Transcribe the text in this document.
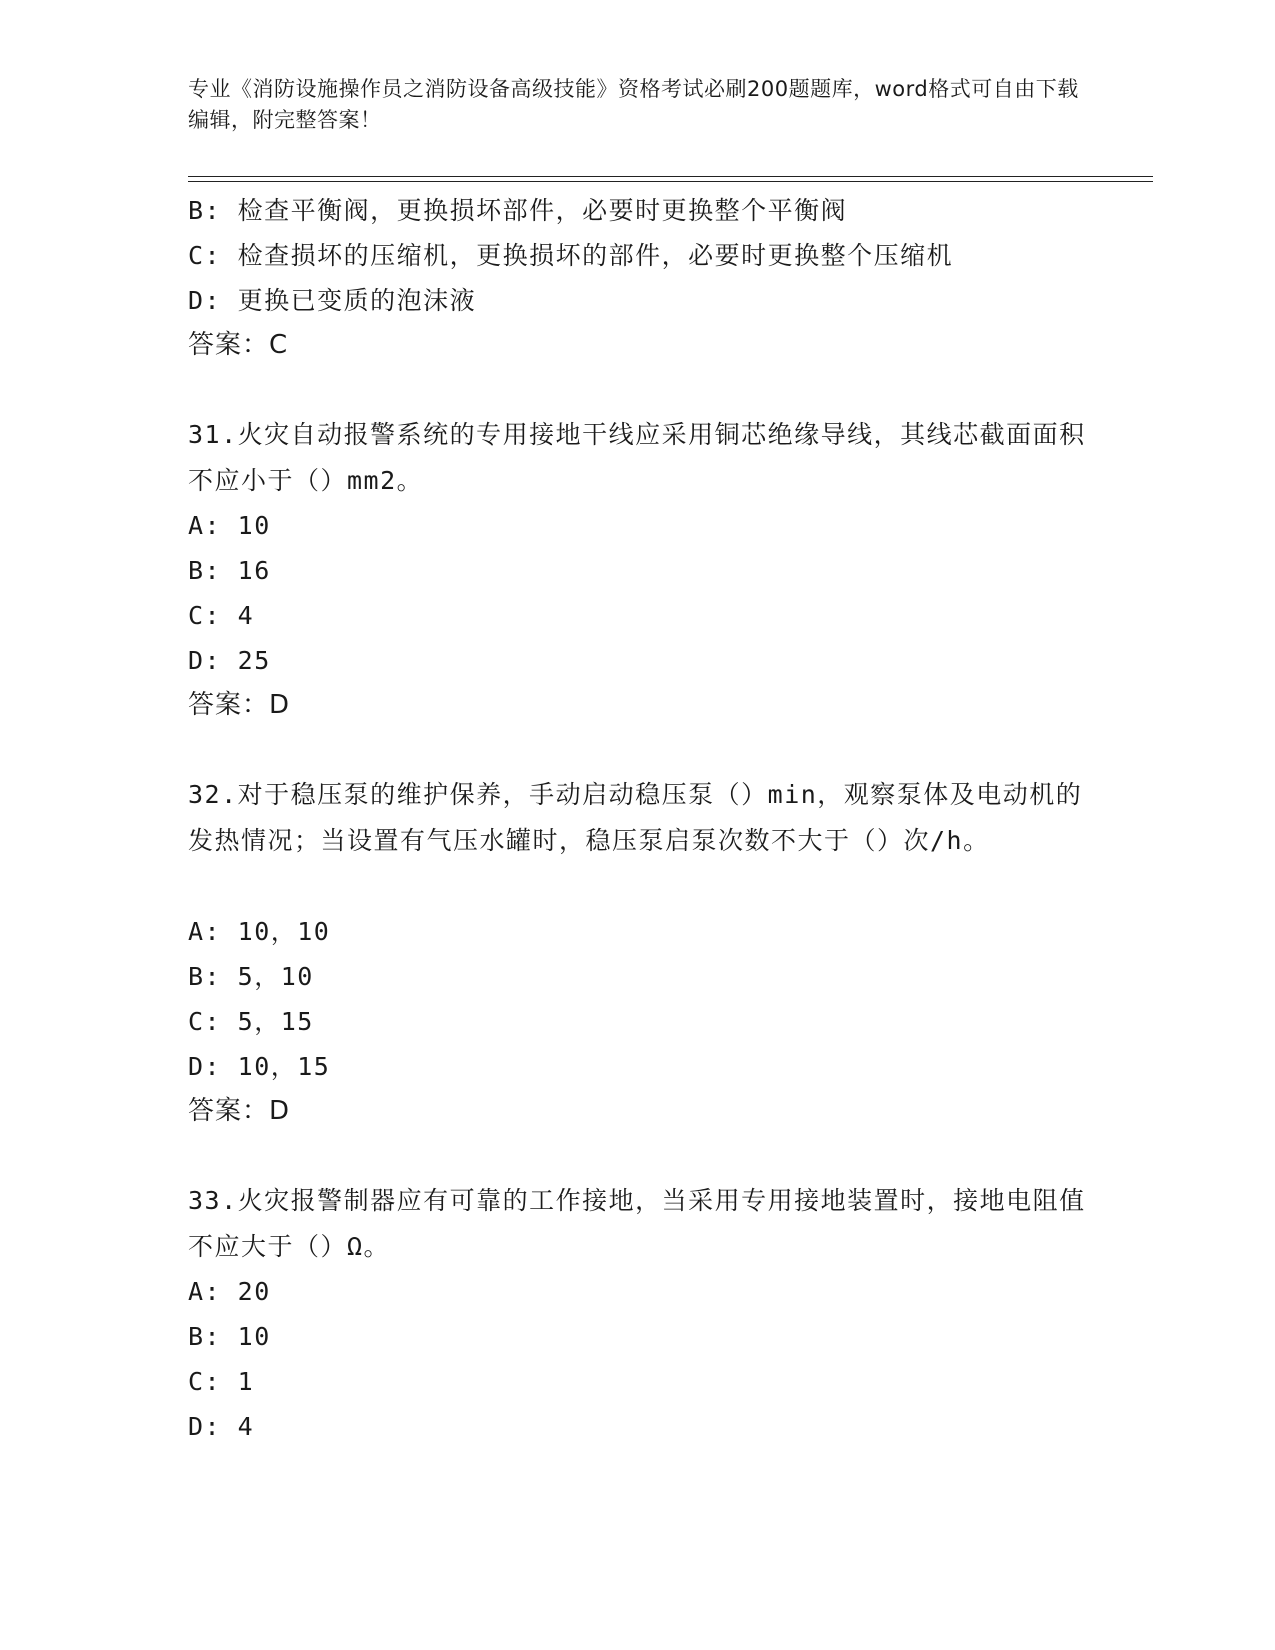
专业《消防设施操作员之消防设备高级技能》资格考试必刷200题题库，word格式可自由下载编辑，附完整答案！
B: 检查平衡阀，更换损坏部件，必要时更换整个平衡阀
C: 检查损坏的压缩机，更换损坏的部件，必要时更换整个压缩机
D: 更换已变质的泡沫液
答案：C
31.火灾自动报警系统的专用接地干线应采用铜芯绝缘导线，其线芯截面面积不应小于（）mm2。
A: 10
B: 16
C: 4
D: 25
答案：D
32.对于稳压泵的维护保养，手动启动稳压泵（）min，观察泵体及电动机的发热情况；当设置有气压水罐时，稳压泵启泵次数不大于（）次/h。
A: 10，10
B: 5，10
C: 5，15
D: 10，15
答案：D
33.火灾报警制器应有可靠的工作接地，当采用专用接地装置时，接地电阻值不应大于（）Ω。
A: 20
B: 10
C: 1
D: 4
